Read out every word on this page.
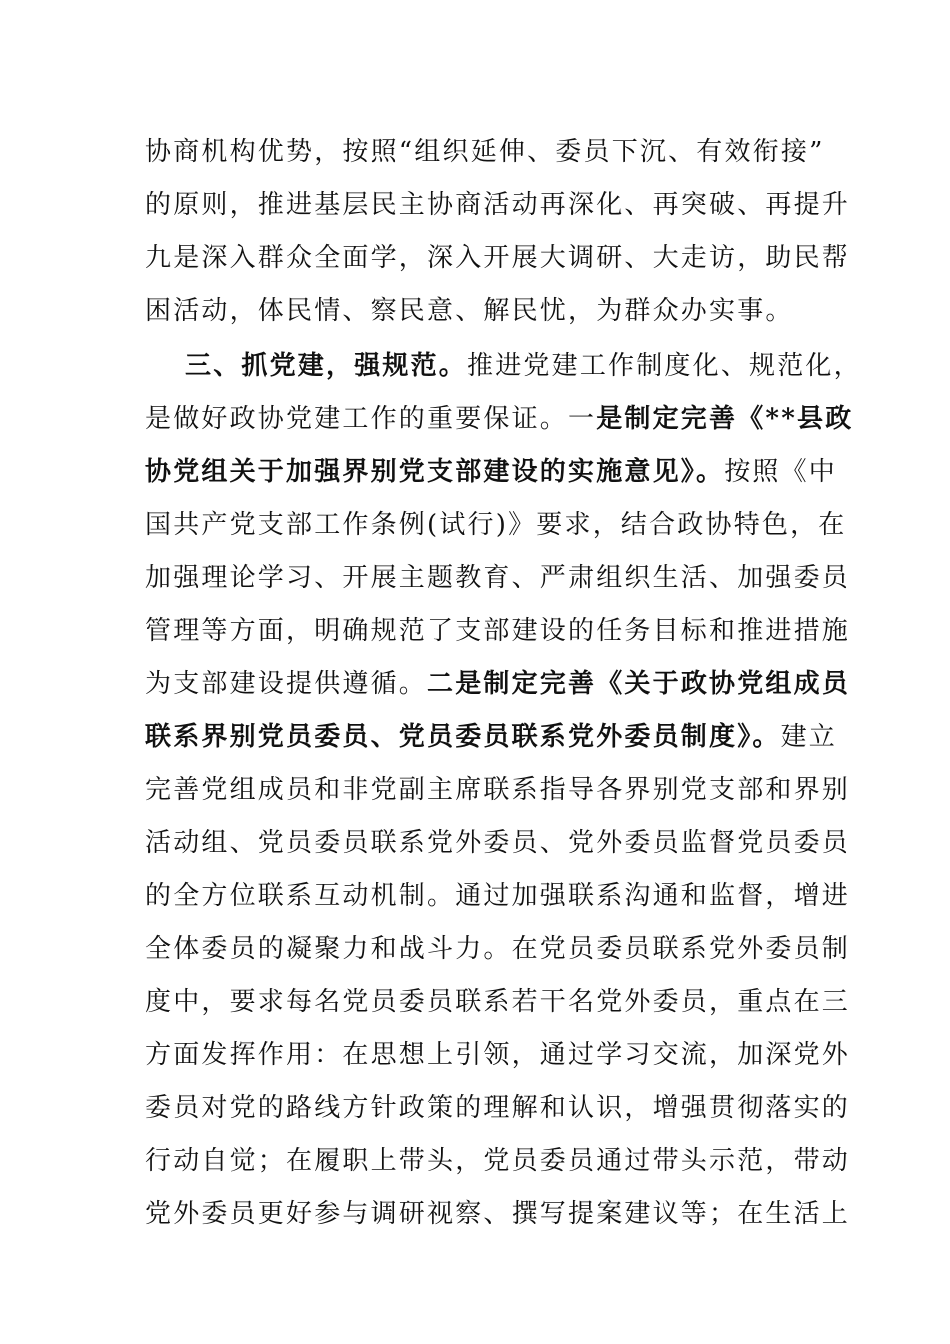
协商机构优势，按照“组织延伸、委员下沉、有效衔接”
的原则，推进基层民主协商活动再深化、再突破、再提升
九是深入群众全面学，深入开展大调研、大走访，助民帮
困活动，体民情、察民意、解民忧，为群众办实事。
三、抓党建，强规范。推进党建工作制度化、规范化，
是做好政协党建工作的重要保证。一是制定完善《**县政
协党组关于加强界别党支部建设的实施意见》。按照《中
国共产党支部工作条例(试行)》要求，结合政协特色，在
加强理论学习、开展主题教育、严肃组织生活、加强委员
管理等方面，明确规范了支部建设的任务目标和推进措施
为支部建设提供遵循。二是制定完善《关于政协党组成员
联系界别党员委员、党员委员联系党外委员制度》。建立
完善党组成员和非党副主席联系指导各界别党支部和界别
活动组、党员委员联系党外委员、党外委员监督党员委员
的全方位联系互动机制。通过加强联系沟通和监督，增进
全体委员的凝聚力和战斗力。在党员委员联系党外委员制
度中，要求每名党员委员联系若干名党外委员，重点在三
方面发挥作用：在思想上引领，通过学习交流，加深党外
委员对党的路线方针政策的理解和认识，增强贯彻落实的
行动自觉；在履职上带头，党员委员通过带头示范，带动
党外委员更好参与调研视察、撰写提案建议等；在生活上
